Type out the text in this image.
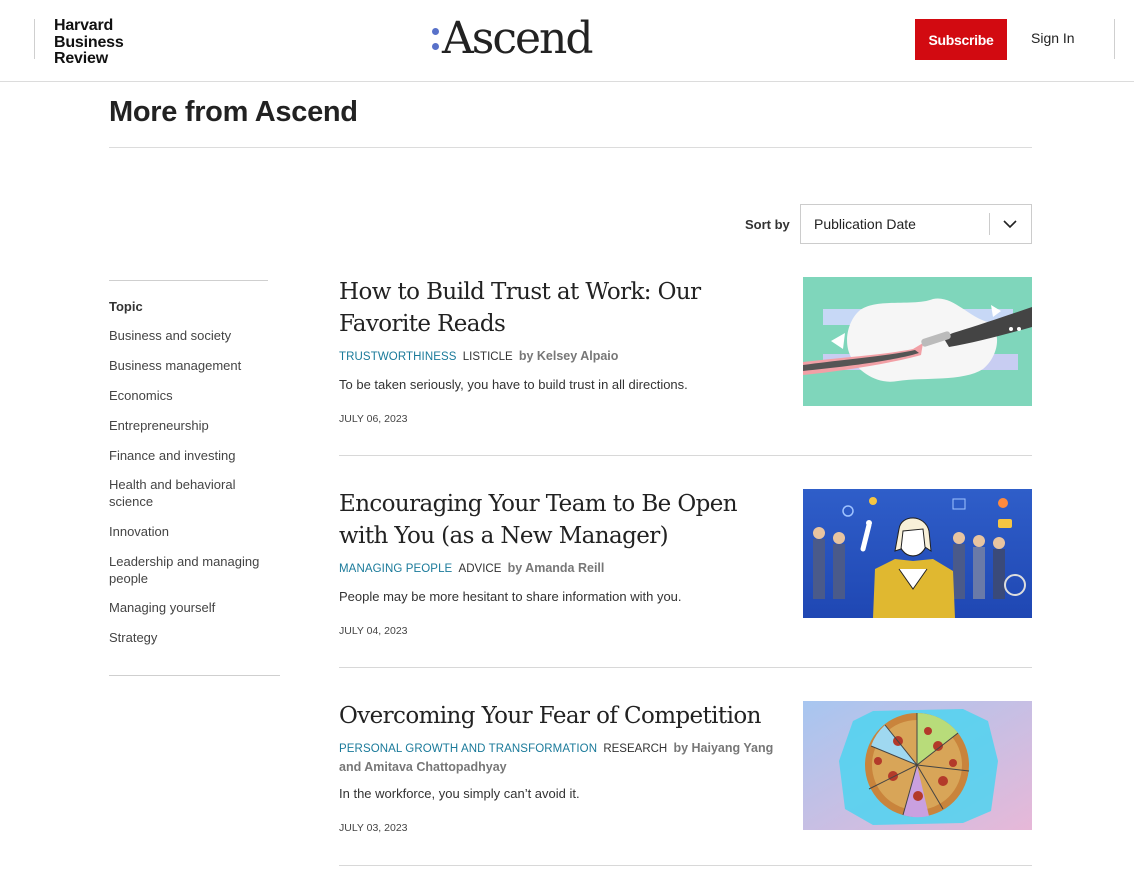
Harvard
Business
Review	Ascend	Subscribe	Sign In
More from Ascend
Sort by Publication Date
Topic
Business and society
Business management
Economics
Entrepreneurship
Finance and investing
Health and behavioral science
Innovation
Leadership and managing people
Managing yourself
Strategy
How to Build Trust at Work: Our Favorite Reads
TRUSTWORTHINESS LISTICLE by Kelsey Alpaio
To be taken seriously, you have to build trust in all directions.
JULY 06, 2023
Encouraging Your Team to Be Open with You (as a New Manager)
MANAGING PEOPLE ADVICE by Amanda Reill
People may be more hesitant to share information with you.
JULY 04, 2023
Overcoming Your Fear of Competition
PERSONAL GROWTH AND TRANSFORMATION RESEARCH by Haiyang Yang and Amitava Chattopadhyay
In the workforce, you simply can’t avoid it.
JULY 03, 2023
